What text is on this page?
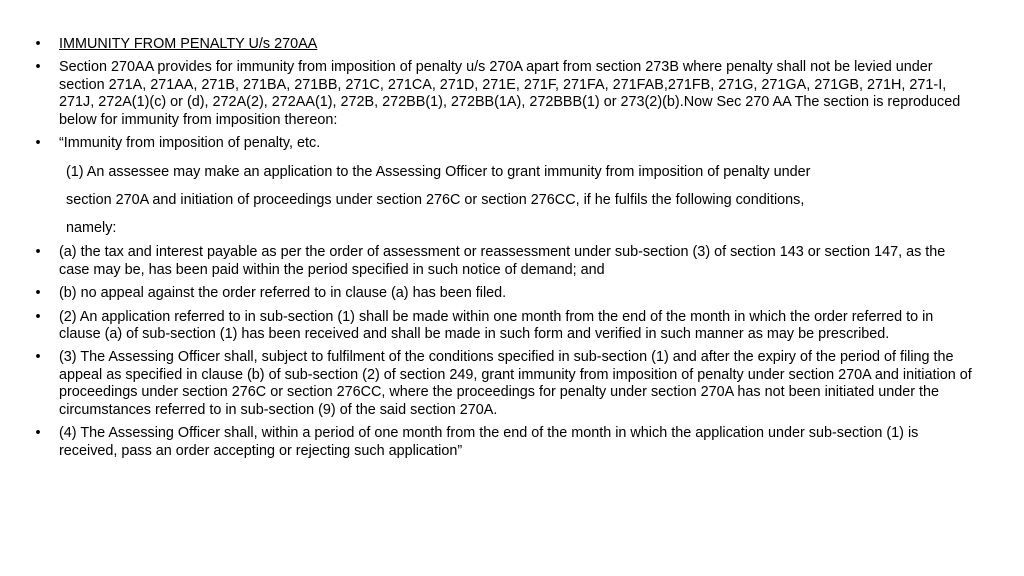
• IMMUNITY FROM PENALTY U/s 270AA
• Section 270AA provides for immunity from imposition of penalty u/s 270A apart from section 273B where penalty shall not be levied under section 271A, 271AA, 271B, 271BA, 271BB, 271C, 271CA, 271D, 271E, 271F, 271FA, 271FAB,271FB, 271G, 271GA, 271GB, 271H, 271-I, 271J, 272A(1)(c) or (d), 272A(2), 272AA(1), 272B, 272BB(1), 272BB(1A), 272BBB(1) or 273(2)(b).Now Sec 270 AA The section is reproduced below for immunity from imposition thereon:
• “Immunity from imposition of penalty, etc.
(1) An assessee may make an application to the Assessing Officer to grant immunity from imposition of penalty under
section 270A and initiation of proceedings under section 276C or section 276CC, if he fulfils the following conditions,
namely:
• (a) the tax and interest payable as per the order of assessment or reassessment under sub-section (3) of section 143 or section 147, as the case may be, has been paid within the period specified in such notice of demand; and
• (b) no appeal against the order referred to in clause (a) has been filed.
• (2) An application referred to in sub-section (1) shall be made within one month from the end of the month in which the order referred to in clause (a) of sub-section (1) has been received and shall be made in such form and verified in such manner as may be prescribed.
• (3) The Assessing Officer shall, subject to fulfilment of the conditions specified in sub-section (1) and after the expiry of the period of filing the appeal as specified in clause (b) of sub-section (2) of section 249, grant immunity from imposition of penalty under section 270A and initiation of proceedings under section 276C or section 276CC, where the proceedings for penalty under section 270A has not been initiated under the circumstances referred to in sub-section (9) of the said section 270A.
• (4) The Assessing Officer shall, within a period of one month from the end of the month in which the application under sub-section (1) is received, pass an order accepting or rejecting such application”
